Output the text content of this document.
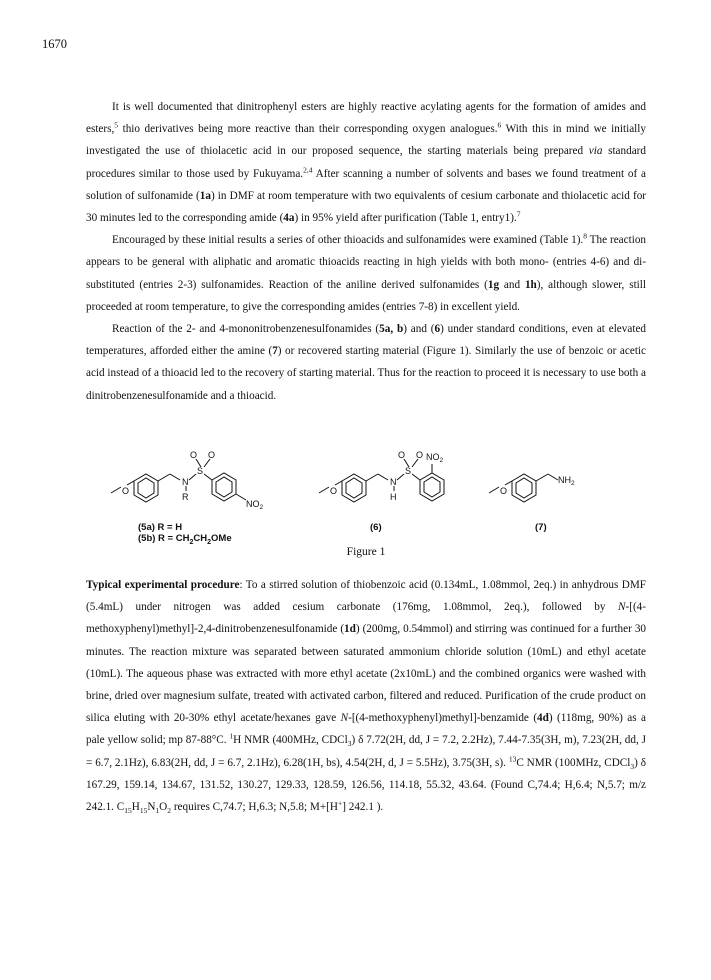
1670

It is well documented that dinitrophenyl esters are highly reactive acylating agents for the formation of amides and esters,$^5$ thio derivatives being more reactive than their corresponding oxygen analogues.$^6$ With this in mind we initially investigated the use of thiolacetic acid in our proposed sequence, the starting materials being prepared via standard procedures similar to those used by Fukuyama.$^{2,4}$ After scanning a number of solvents and bases we found treatment of a solution of sulfonamide (1a) in DMF at room temperature with two equivalents of cesium carbonate and thiolacetic acid for 30 minutes led to the corresponding amide (4a) in 95% yield after purification (Table 1, entry1).$^7$

Encouraged by these initial results a series of other thioacids and sulfonamides were examined (Table 1).$^8$ The reaction appears to be general with aliphatic and aromatic thioacids reacting in high yields with both mono- (entries 4-6) and di-substituted (entries 2-3) sulfonamides. Reaction of the aniline derived sulfonamides (1g and 1h), although slower, still proceeded at room temperature, to give the corresponding amides (entries 7-8) in excellent yield.

Reaction of the 2- and 4-mononitrobenzenesulfonamides (5a, b) and (6) under standard conditions, even at elevated temperatures, afforded either the amine (7) or recovered starting material (Figure 1). Similarly the use of benzoic or acetic acid instead of a thioacid led to the recovery of starting material. Thus for the reaction to proceed it is necessary to use both a dinitrobenzenesulfonamide and a thioacid.

O
N
R
S
O O
$NO_2$
O
N
H
S
O O $NO_2$
O
$NH_2$
(5a) R = H
(5b) $R = CH_2CH_2OMe$
(6)	(7)
Figure 1

Typical experimental procedure: To a stirred solution of thiobenzoic acid (0.134mL, 1.08mmol, 2eq.) in anhydrous DMF (5.4mL) under nitrogen was added cesium carbonate (176mg, 1.08mmol, 2eq.), followed by N-[(4-methoxyphenyl)methyl]-2,4-dinitrobenzenesulfonamide (1d) (200mg, 0.54mmol) and stirring was continued for a further 30 minutes. The reaction mixture was separated between saturated ammonium chloride solution (10mL) and ethyl acetate (10mL). The aqueous phase was extracted with more ethyl acetate (2x10mL) and the combined organics were washed with brine, dried over magnesium sulfate, treated with activated carbon, filtered and reduced. Purification of the crude product on silica eluting with 20-30% ethyl acetate/hexanes gave N-[(4-methoxyphenyl)methyl]-benzamide (4d) (118mg, 90%) as a pale yellow solid; mp 87-88°C. $^1$H NMR (400MHz, CDCl$_3$) δ 7.72(2H, dd, J = 7.2, 2.2Hz), 7.44-7.35(3H, m), 7.23(2H, dd, J = 6.7, 2.1Hz), 6.83(2H, dd, J = 6.7, 2.1Hz), 6.28(1H, bs), 4.54(2H, d, J = 5.5Hz), 3.75(3H, s). $^{13}$C NMR (100MHz, CDCl$_3$) δ 167.29, 159.14, 134.67, 131.52, 130.27, 129.33, 128.59, 126.56, 114.18, 55.32, 43.64. (Found C,74.4; H,6.4; N,5.7; m/z 242.1. $C_{15}H_{15}N_1O_2$ requires C,74.7; H,6.3; N,5.8; M+[H+] 242.1 ).
